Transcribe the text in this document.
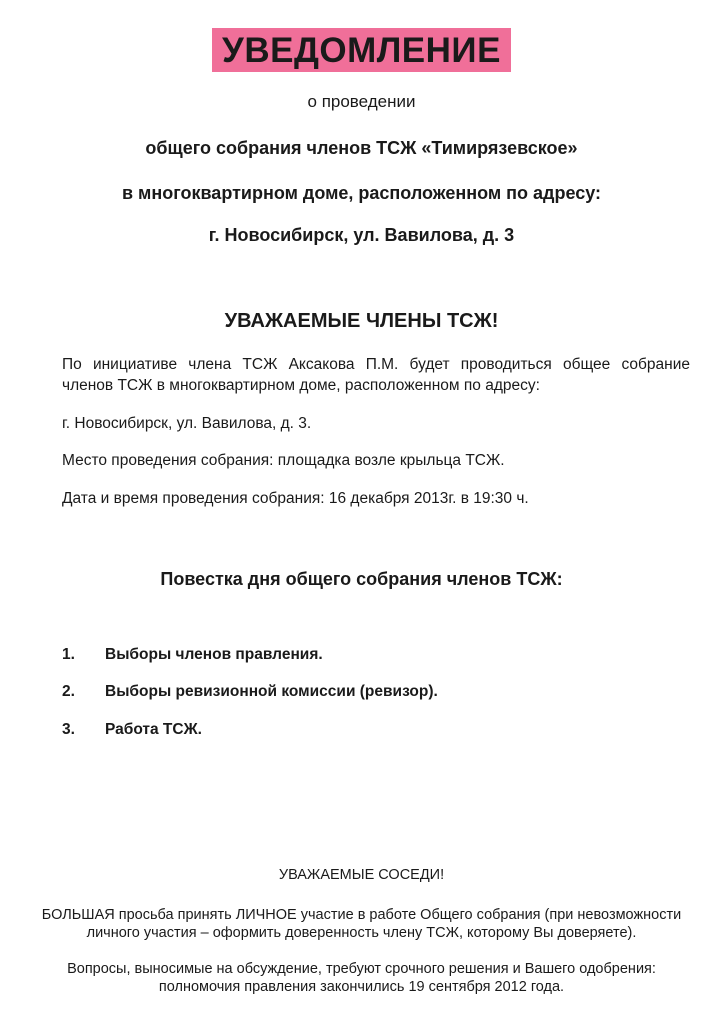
УВЕДОМЛЕНИЕ
о проведении
общего собрания членов ТСЖ «Тимирязевское»
в многоквартирном доме, расположенном по адресу:
г. Новосибирск, ул. Вавилова, д. 3
УВАЖАЕМЫЕ ЧЛЕНЫ ТСЖ!
По инициативе члена ТСЖ Аксакова П.М. будет проводиться общее собрание
членов ТСЖ в многоквартирном доме, расположенном по адресу:
г. Новосибирск, ул. Вавилова, д. 3.
Место проведения собрания: площадка возле крыльца ТСЖ.
Дата и время проведения собрания: 16 декабря 2013г. в 19:30 ч.
Повестка дня общего собрания членов ТСЖ:
1. Выборы членов правления.
2. Выборы ревизионной комиссии (ревизор).
3. Работа ТСЖ.
УВАЖАЕМЫЕ СОСЕДИ!
БОЛЬШАЯ просьба принять ЛИЧНОЕ участие в работе Общего собрания (при невозможности
личного участия – оформить доверенность члену ТСЖ, которому Вы доверяете).
Вопросы, выносимые на обсуждение, требуют срочного решения и Вашего одобрения:
полномочия правления закончились 19 сентября 2012 года.
